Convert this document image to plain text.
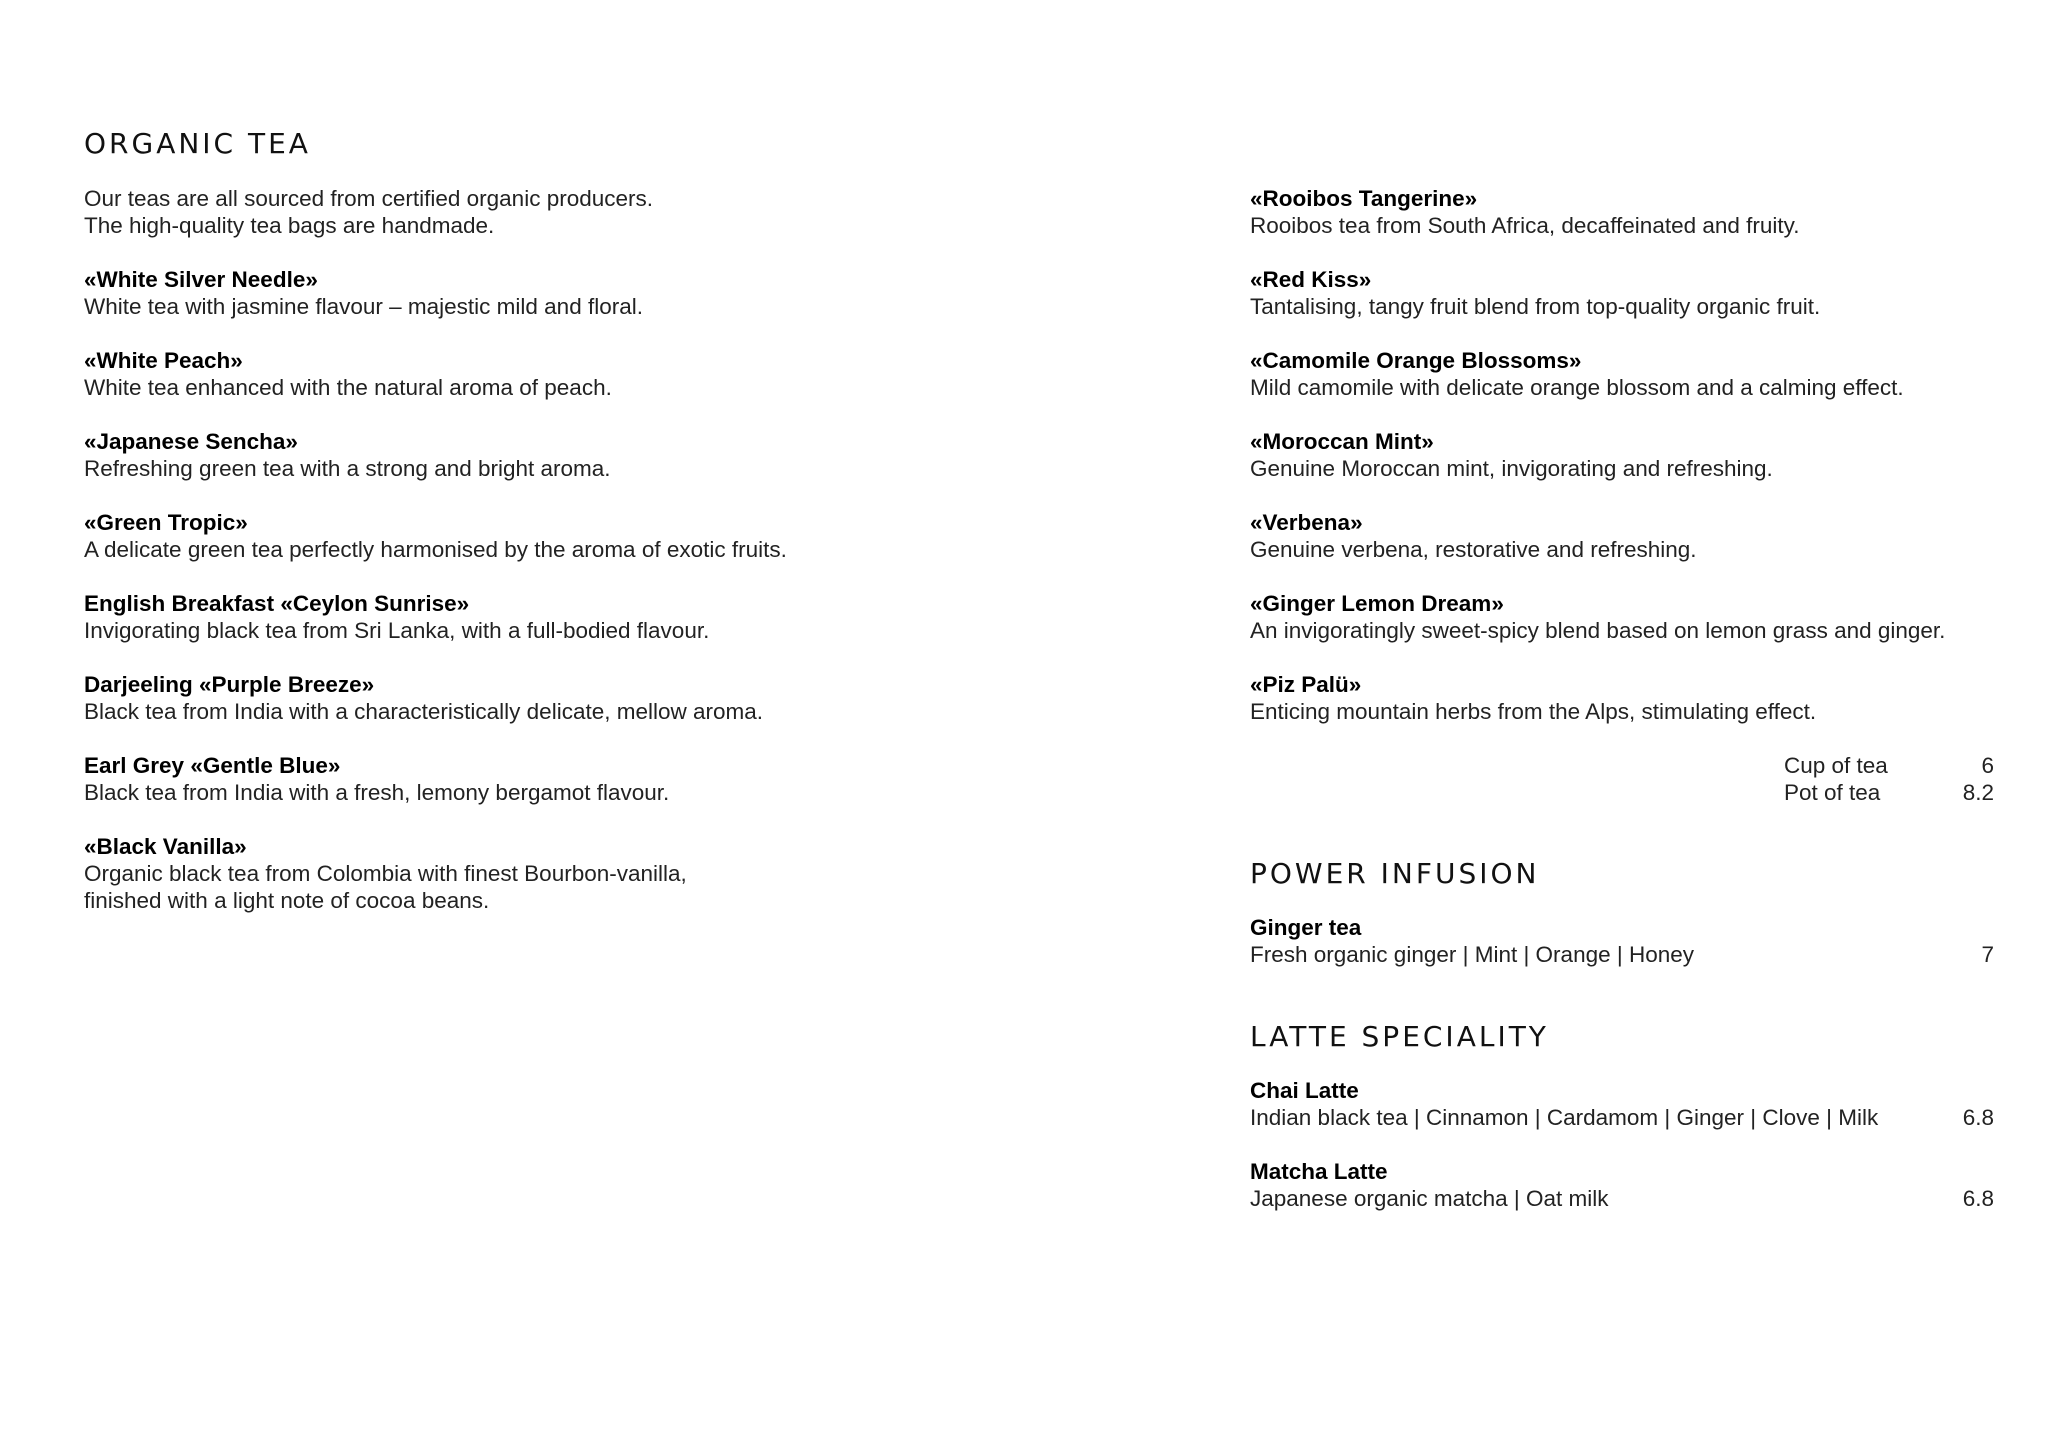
ORGANIC TEA
Our teas are all sourced from certified organic producers.
The high-quality tea bags are handmade.
«White Silver Needle»
White tea with jasmine flavour – majestic mild and floral.
«White Peach»
White tea enhanced with the natural aroma of peach.
«Japanese Sencha»
Refreshing green tea with a strong and bright aroma.
«Green Tropic»
A delicate green tea perfectly harmonised by the aroma of exotic fruits.
English Breakfast «Ceylon Sunrise»
Invigorating black tea from Sri Lanka, with a full-bodied flavour.
Darjeeling «Purple Breeze»
Black tea from India with a characteristically delicate, mellow aroma.
Earl Grey «Gentle Blue»
Black tea from India with a fresh, lemony bergamot flavour.
«Black Vanilla»
Organic black tea from Colombia with finest Bourbon-vanilla,
finished with a light note of cocoa beans.
«Rooibos Tangerine»
Rooibos tea from South Africa, decaffeinated and fruity.
«Red Kiss»
Tantalising, tangy fruit blend from top-quality organic fruit.
«Camomile Orange Blossoms»
Mild camomile with delicate orange blossom and a calming effect.
«Moroccan Mint»
Genuine Moroccan mint, invigorating and refreshing.
«Verbena»
Genuine verbena, restorative and refreshing.
«Ginger Lemon Dream»
An invigoratingly sweet-spicy blend based on lemon grass and ginger.
«Piz Palü»
Enticing mountain herbs from the Alps, stimulating effect.
Cup of tea	6
Pot of tea	8.2
POWER INFUSION
Ginger tea
Fresh organic ginger | Mint | Orange | Honey	7
LATTE SPECIALITY
Chai Latte
Indian black tea | Cinnamon | Cardamom | Ginger | Clove | Milk	6.8
Matcha Latte
Japanese organic matcha | Oat milk	6.8
